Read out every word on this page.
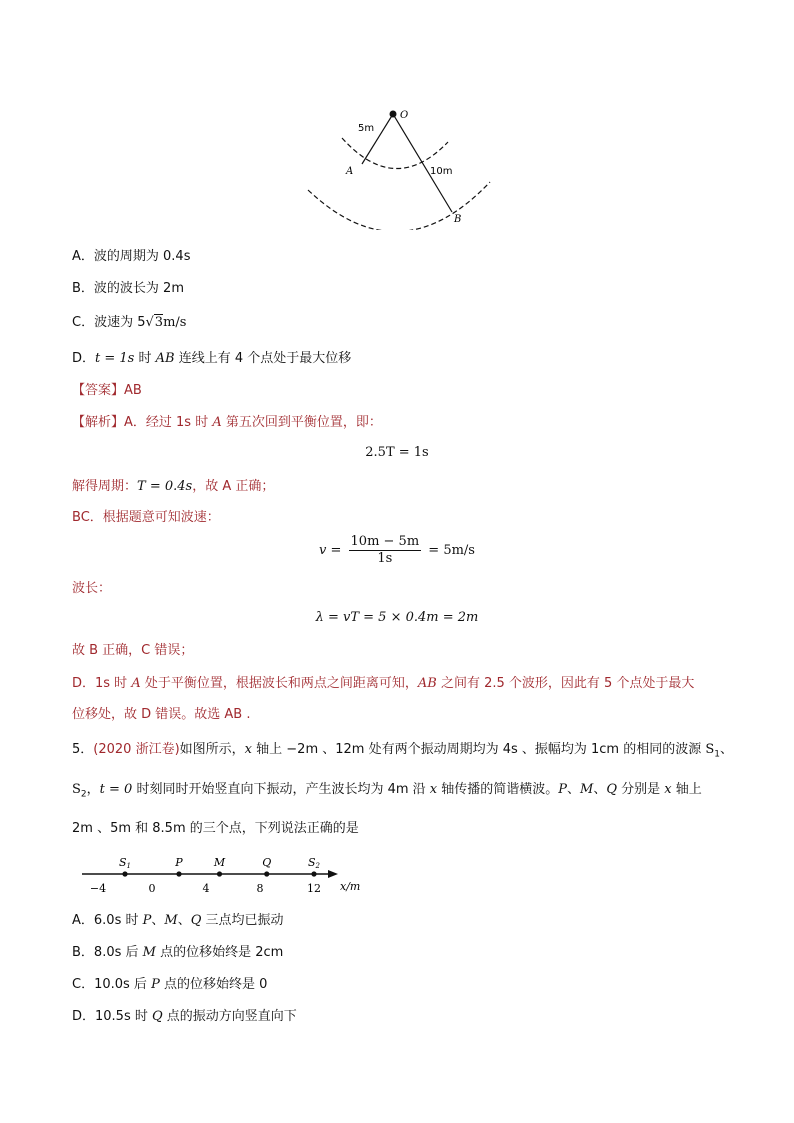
O
A
B
5m
10m
A．波的周期为 0.4s
B．波的波长为 2m
C．波速为 5√3m/s
D．t = 1s 时 AB 连线上有 4 个点处于最大位移
【答案】AB
【解析】A．经过 1s 时 A 第五次回到平衡位置，即：
2.5T = 1s
解得周期：T = 0.4s，故 A 正确；
BC．根据题意可知波速：
$v = \frac{10m - 5m}{1s} = 5m/s$
波长：
λ = vT = 5 × 0.4m = 2m
故 B 正确，C 错误；
D．1s 时 A 处于平衡位置，根据波长和两点之间距离可知，AB 之间有 2.5 个波形，因此有 5 个点处于最大
位移处，故 D 错误。故选 AB .
5．(2020 浙江卷)如图所示，x 轴上 −2m 、12m 处有两个振动周期均为 4s 、振幅均为 1cm 的相同的波源 $S_1$、
$S_2$，t = 0 时刻同时开始竖直向下振动，产生波长均为 4m 沿 x 轴传播的简谐横波。P、M、Q 分别是 x 轴上
2m 、5m 和 8.5m 的三个点，下列说法正确的是
S1	P	M	Q	S2
−4	0	4	8	12 x/m
A．6.0s 时 P、M、Q 三点均已振动
B．8.0s 后 M 点的位移始终是 2cm
C．10.0s 后 P 点的位移始终是 0
D．10.5s 时 Q 点的振动方向竖直向下
